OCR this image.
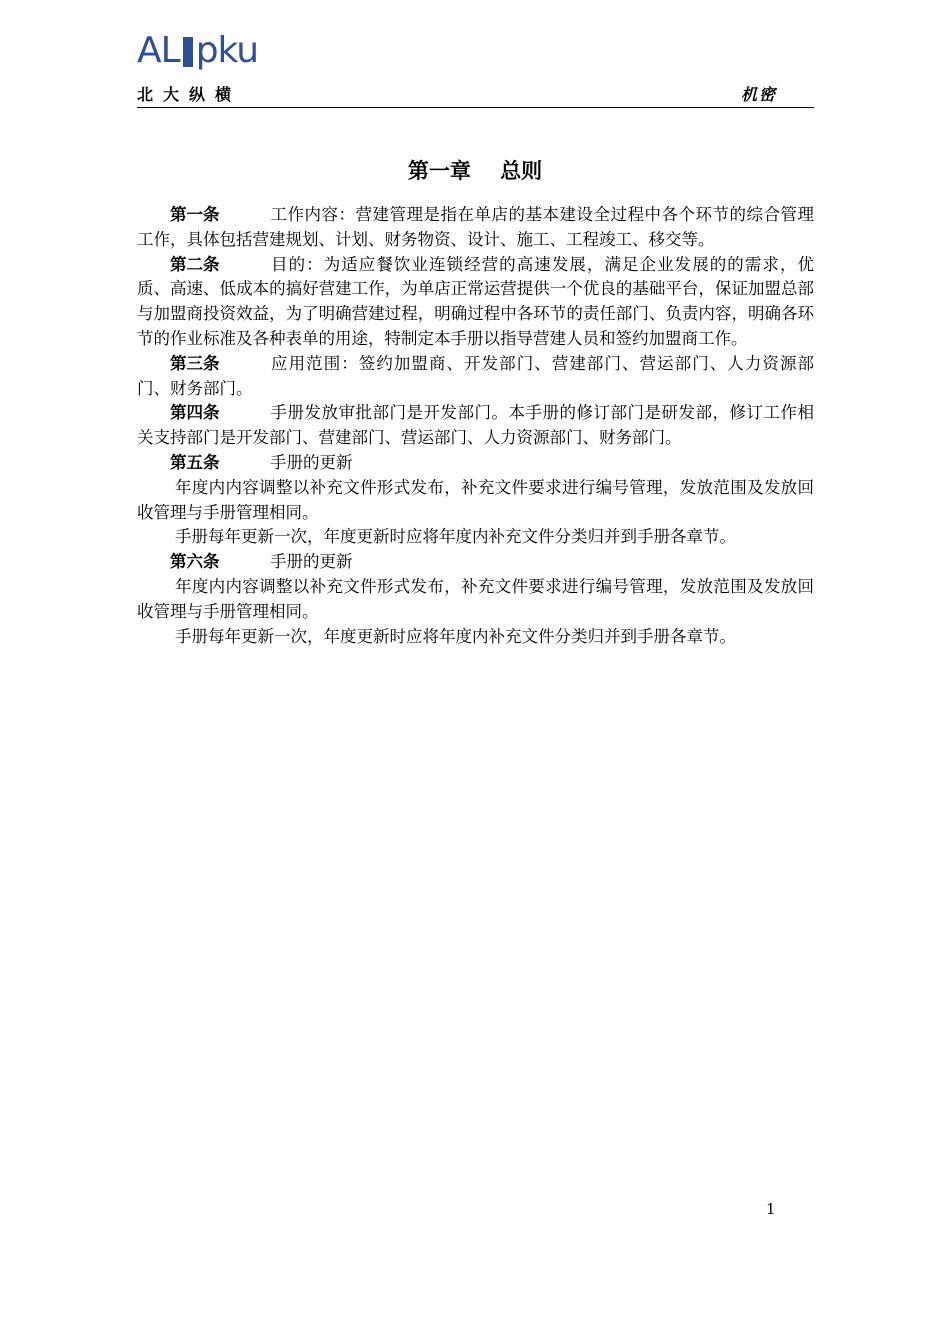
AL pku
北大纵横	机密
第一章    总则

第一条	工作内容：营建管理是指在单店的基本建设全过程中各个环节的综合管理工作，具体包括营建规划、计划、财务物资、设计、施工、工程竣工、移交等。

第二条	目的：为适应餐饮业连锁经营的高速发展，满足企业发展的的需求，优质、高速、低成本的搞好营建工作，为单店正常运营提供一个优良的基础平台，保证加盟总部与加盟商投资效益，为了明确营建过程，明确过程中各环节的责任部门、负责内容，明确各环节的作业标准及各种表单的用途，特制定本手册以指导营建人员和签约加盟商工作。

第三条	应用范围：签约加盟商、开发部门、营建部门、营运部门、人力资源部门、财务部门。

第四条	手册发放审批部门是开发部门。本手册的修订部门是研发部，修订工作相关支持部门是开发部门、营建部门、营运部门、人力资源部门、财务部门。

第五条	手册的更新

年度内内容调整以补充文件形式发布，补充文件要求进行编号管理，发放范围及发放回收管理与手册管理相同。

手册每年更新一次，年度更新时应将年度内补充文件分类归并到手册各章节。

第六条	手册的更新

年度内内容调整以补充文件形式发布，补充文件要求进行编号管理，发放范围及发放回收管理与手册管理相同。

手册每年更新一次，年度更新时应将年度内补充文件分类归并到手册各章节。

1
